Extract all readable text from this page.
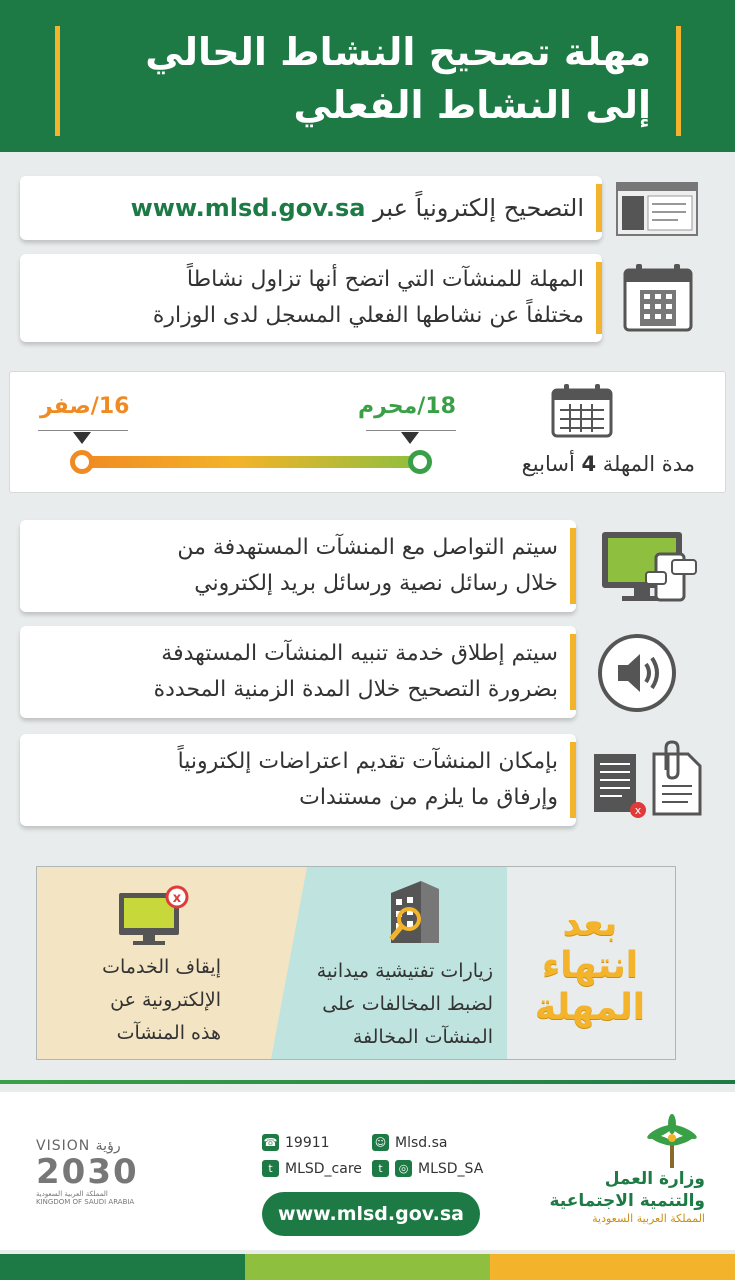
مهلة تصحيح النشاط الحالي
إلى النشاط الفعلي
التصحيح إلكترونياً عبر www.mlsd.gov.sa
المهلة للمنشآت التي اتضح أنها تزاول نشاطاً
مختلفاً عن نشاطها الفعلي المسجل لدى الوزارة
16/صفر	18/محرم
مدة المهلة 4 أسابيع
سيتم التواصل مع المنشآت المستهدفة من
خلال رسائل نصية ورسائل بريد إلكتروني
سيتم إطلاق خدمة تنبيه المنشآت المستهدفة
بضرورة التصحيح خلال المدة الزمنية المحددة
بإمكان المنشآت تقديم اعتراضات إلكترونياً
وإرفاق ما يلزم من مستندات
x
x
إيقاف الخدمات
الإلكترونية عن
هذه المنشآت
زيارات تفتيشية ميدانية
لضبط المخالفات على
المنشآت المخالفة
بعد
انتهاء
المهلة
VISION رؤية
2030
المملكة العربية السعودية
KINGDOM OF SAUDI ARABIA
☎ 19911	☺ Mlsd.sa
t MLSD_care	t	◎ MLSD_SA
www.mlsd.gov.sa
وزارة العمل
والتنمية الاجتماعية
المملكة العربية السعودية
